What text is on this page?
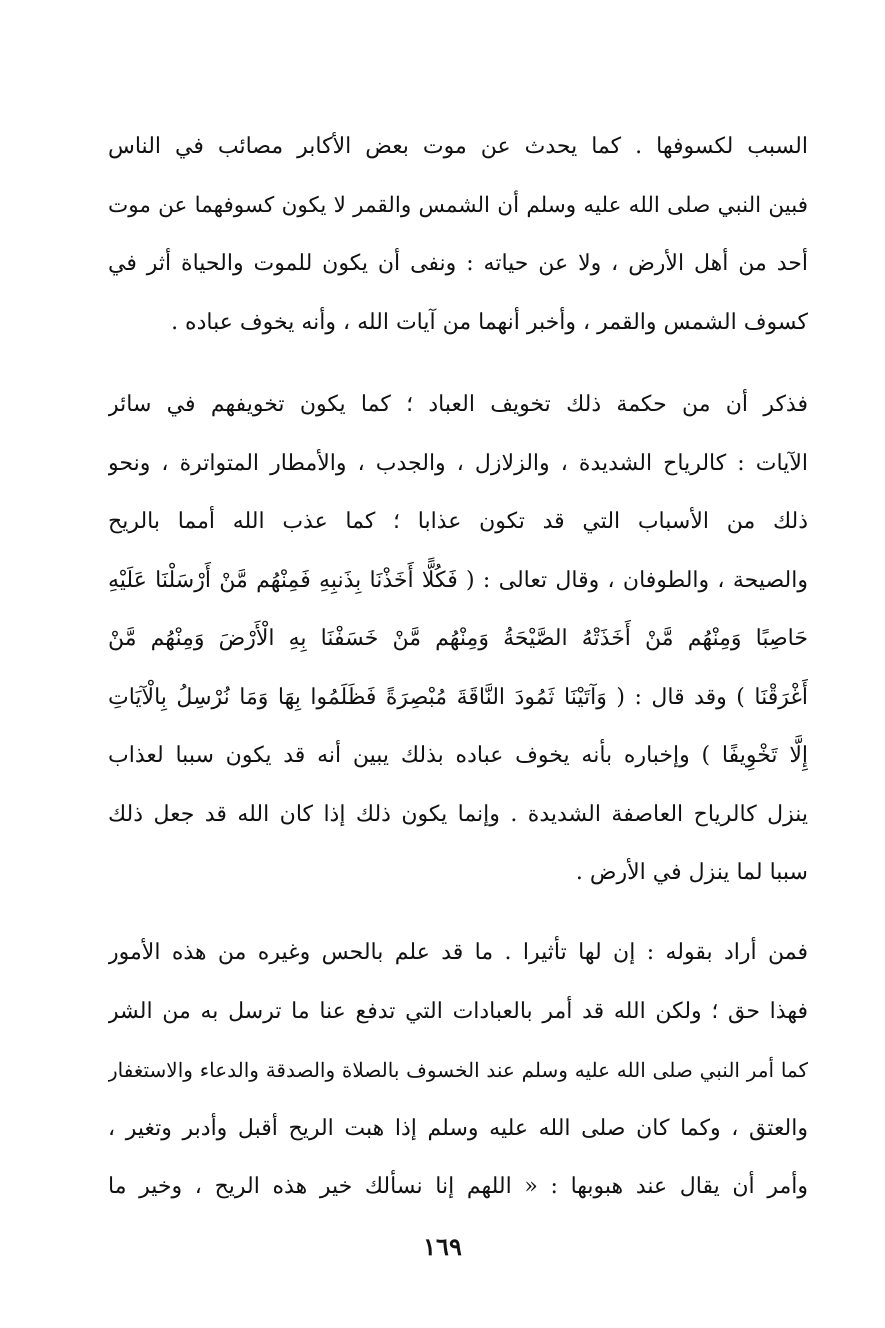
السبب لكسوفها . كما يحدث عن موت بعض الأكابر مصائب في الناس
فبين النبي صلى الله عليه وسلم أن الشمس والقمر لا يكون كسوفهما عن موت
أحد من أهل الأرض ، ولا عن حياته : ونفى أن يكون للموت والحياة أثر في
كسوف الشمس والقمر ، وأخبر أنهما من آيات الله ، وأنه يخوف عباده .
فذكر أن من حكمة ذلك تخويف العباد ؛ كما يكون تخويفهم في سائر
الآيات : كالرياح الشديدة ، والزلازل ، والجدب ، والأمطار المتواترة ، ونحو
ذلك من الأسباب التي قد تكون عذابا ؛ كما عذب الله أمما بالريح
والصيحة ، والطوفان ، وقال تعالى : ( فَكُلًّا أَخَذْنَا بِذَنبِهِ فَمِنْهُم مَّنْ أَرْسَلْنَا عَلَيْهِ
حَاصِبًا وَمِنْهُم مَّنْ أَخَذَتْهُ الصَّيْحَةُ وَمِنْهُم مَّنْ خَسَفْنَا بِهِ الْأَرْضَ وَمِنْهُم مَّنْ
أَغْرَقْنَا ) وقد قال : ( وَآتَيْنَا ثَمُودَ النَّاقَةَ مُبْصِرَةً فَظَلَمُوا بِهَا وَمَا نُرْسِلُ بِالْآيَاتِ
إِلَّا تَخْوِيفًا ) وإخباره بأنه يخوف عباده بذلك يبين أنه قد يكون سببا لعذاب
ينزل كالرياح العاصفة الشديدة . وإنما يكون ذلك إذا كان الله قد جعل ذلك
سببا لما ينزل في الأرض .
فمن أراد بقوله : إن لها تأثيرا . ما قد علم بالحس وغيره من هذه الأمور
فهذا حق ؛ ولكن الله قد أمر بالعبادات التي تدفع عنا ما ترسل به من الشر
كما أمر النبي صلى الله عليه وسلم عند الخسوف بالصلاة والصدقة والدعاء والاستغفار
والعتق ، وكما كان صلى الله عليه وسلم إذا هبت الريح أقبل وأدبر وتغير ،
وأمر أن يقال عند هبوبها : « اللهم إنا نسألك خير هذه الريح ، وخير ما
١٦٩
